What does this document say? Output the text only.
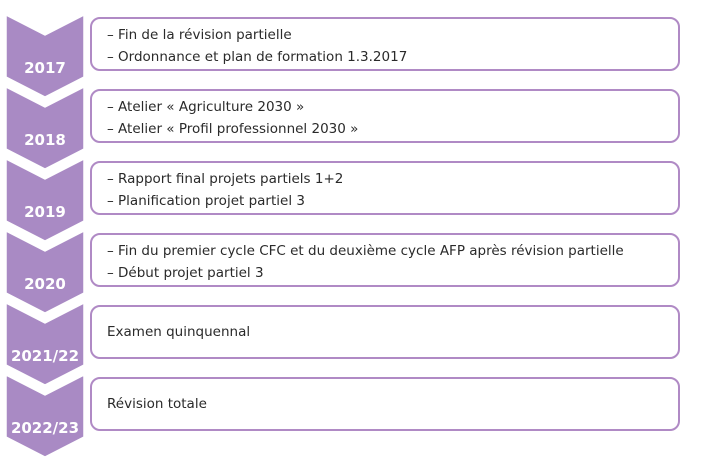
2017
– Fin de la révision partielle
– Ordonnance et plan de formation 1.3.2017
2018
– Atelier « Agriculture 2030 »
– Atelier « Profil professionnel 2030 »
2019
– Rapport final projets partiels 1+2
– Planification projet partiel 3
2020
– Fin du premier cycle CFC et du deuxième cycle AFP après révision partielle
– Début projet partiel 3
2021/22
Examen quinquennal
2022/23
Révision totale
